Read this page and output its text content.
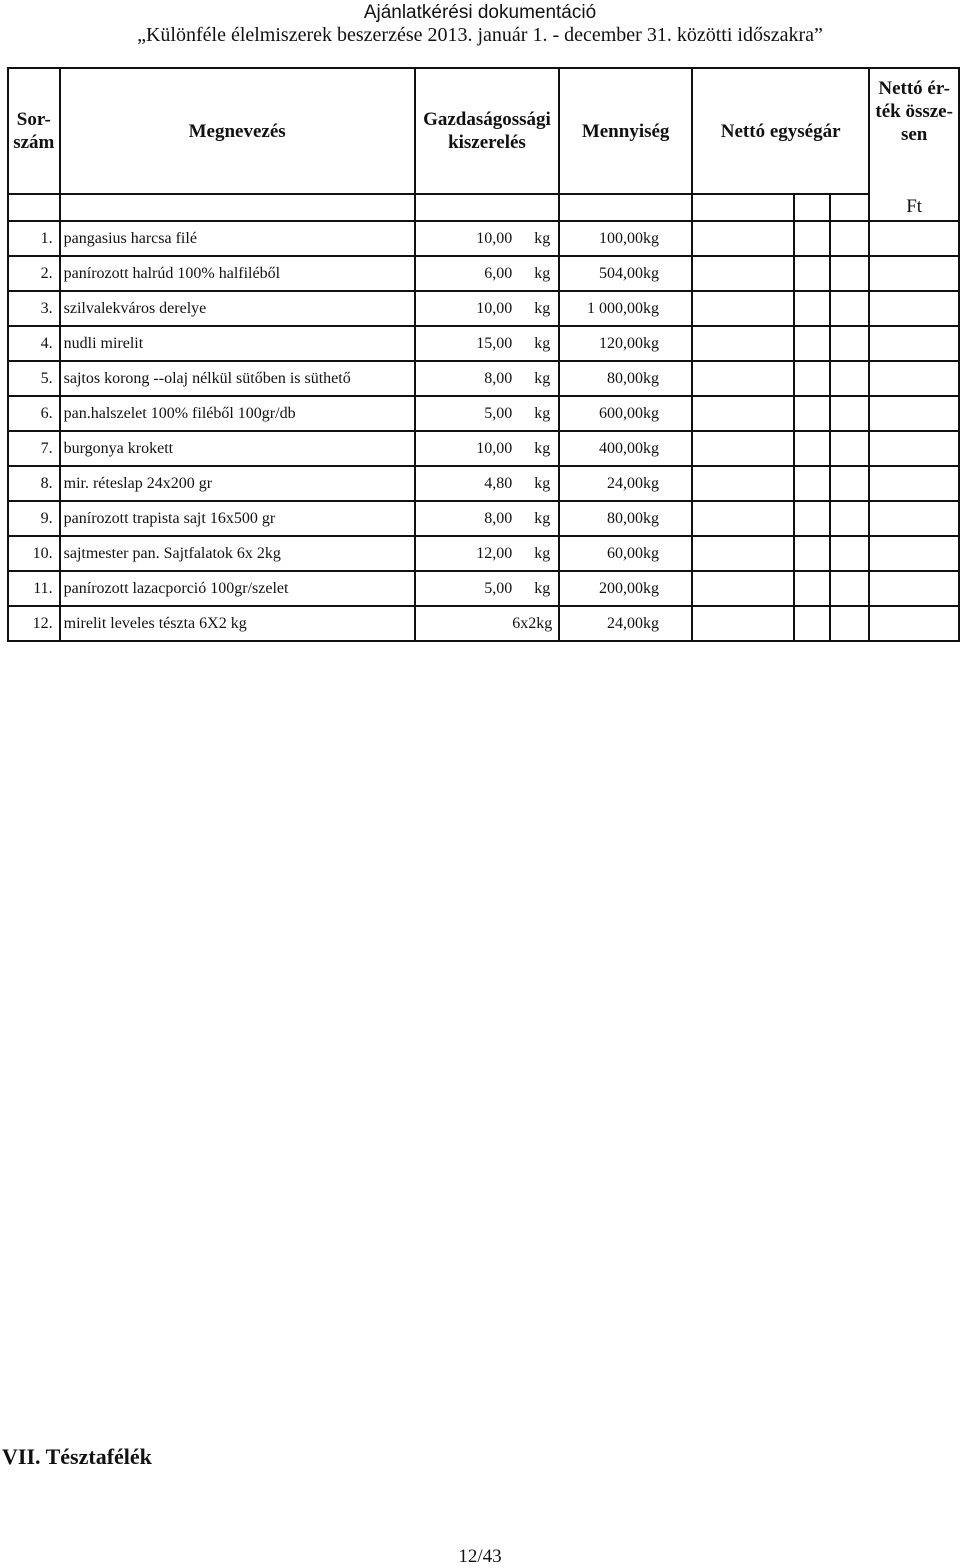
Ajánlatkérési dokumentáció
„Különféle élelmiszerek beszerzése 2013. január 1. - december 31. közötti időszakra”
Sor-szám	Megnevezés	Gazdaságossági kiszerelés	Mennyiség	Nettó egységár			Nettó ér-ték össze-sen
							Ft
1.	pangasius harcsa filé	10,00 kg	100,00kg				
2.	panírozott halrúd 100% halfiléből	6,00 kg	504,00kg				
3.	szilvalekváros derelye	10,00 kg	1 000,00kg				
4.	nudli mirelit	15,00 kg	120,00kg				
5.	sajtos korong --olaj nélkül sütőben is süthető	8,00 kg	80,00kg				
6.	pan.halszelet 100% filéből 100gr/db	5,00 kg	600,00kg				
7.	burgonya krokett	10,00 kg	400,00kg				
8.	mir. réteslap 24x200 gr	4,80 kg	24,00kg				
9.	panírozott trapista sajt 16x500 gr	8,00 kg	80,00kg				
10.	sajtmester pan. Sajtfalatok 6x 2kg	12,00 kg	60,00kg				
11.	panírozott lazacporció 100gr/szelet	5,00 kg	200,00kg				
12.	mirelit leveles tészta 6X2 kg	6x2kg	24,00kg				
VII. Tésztafélék
12/43
